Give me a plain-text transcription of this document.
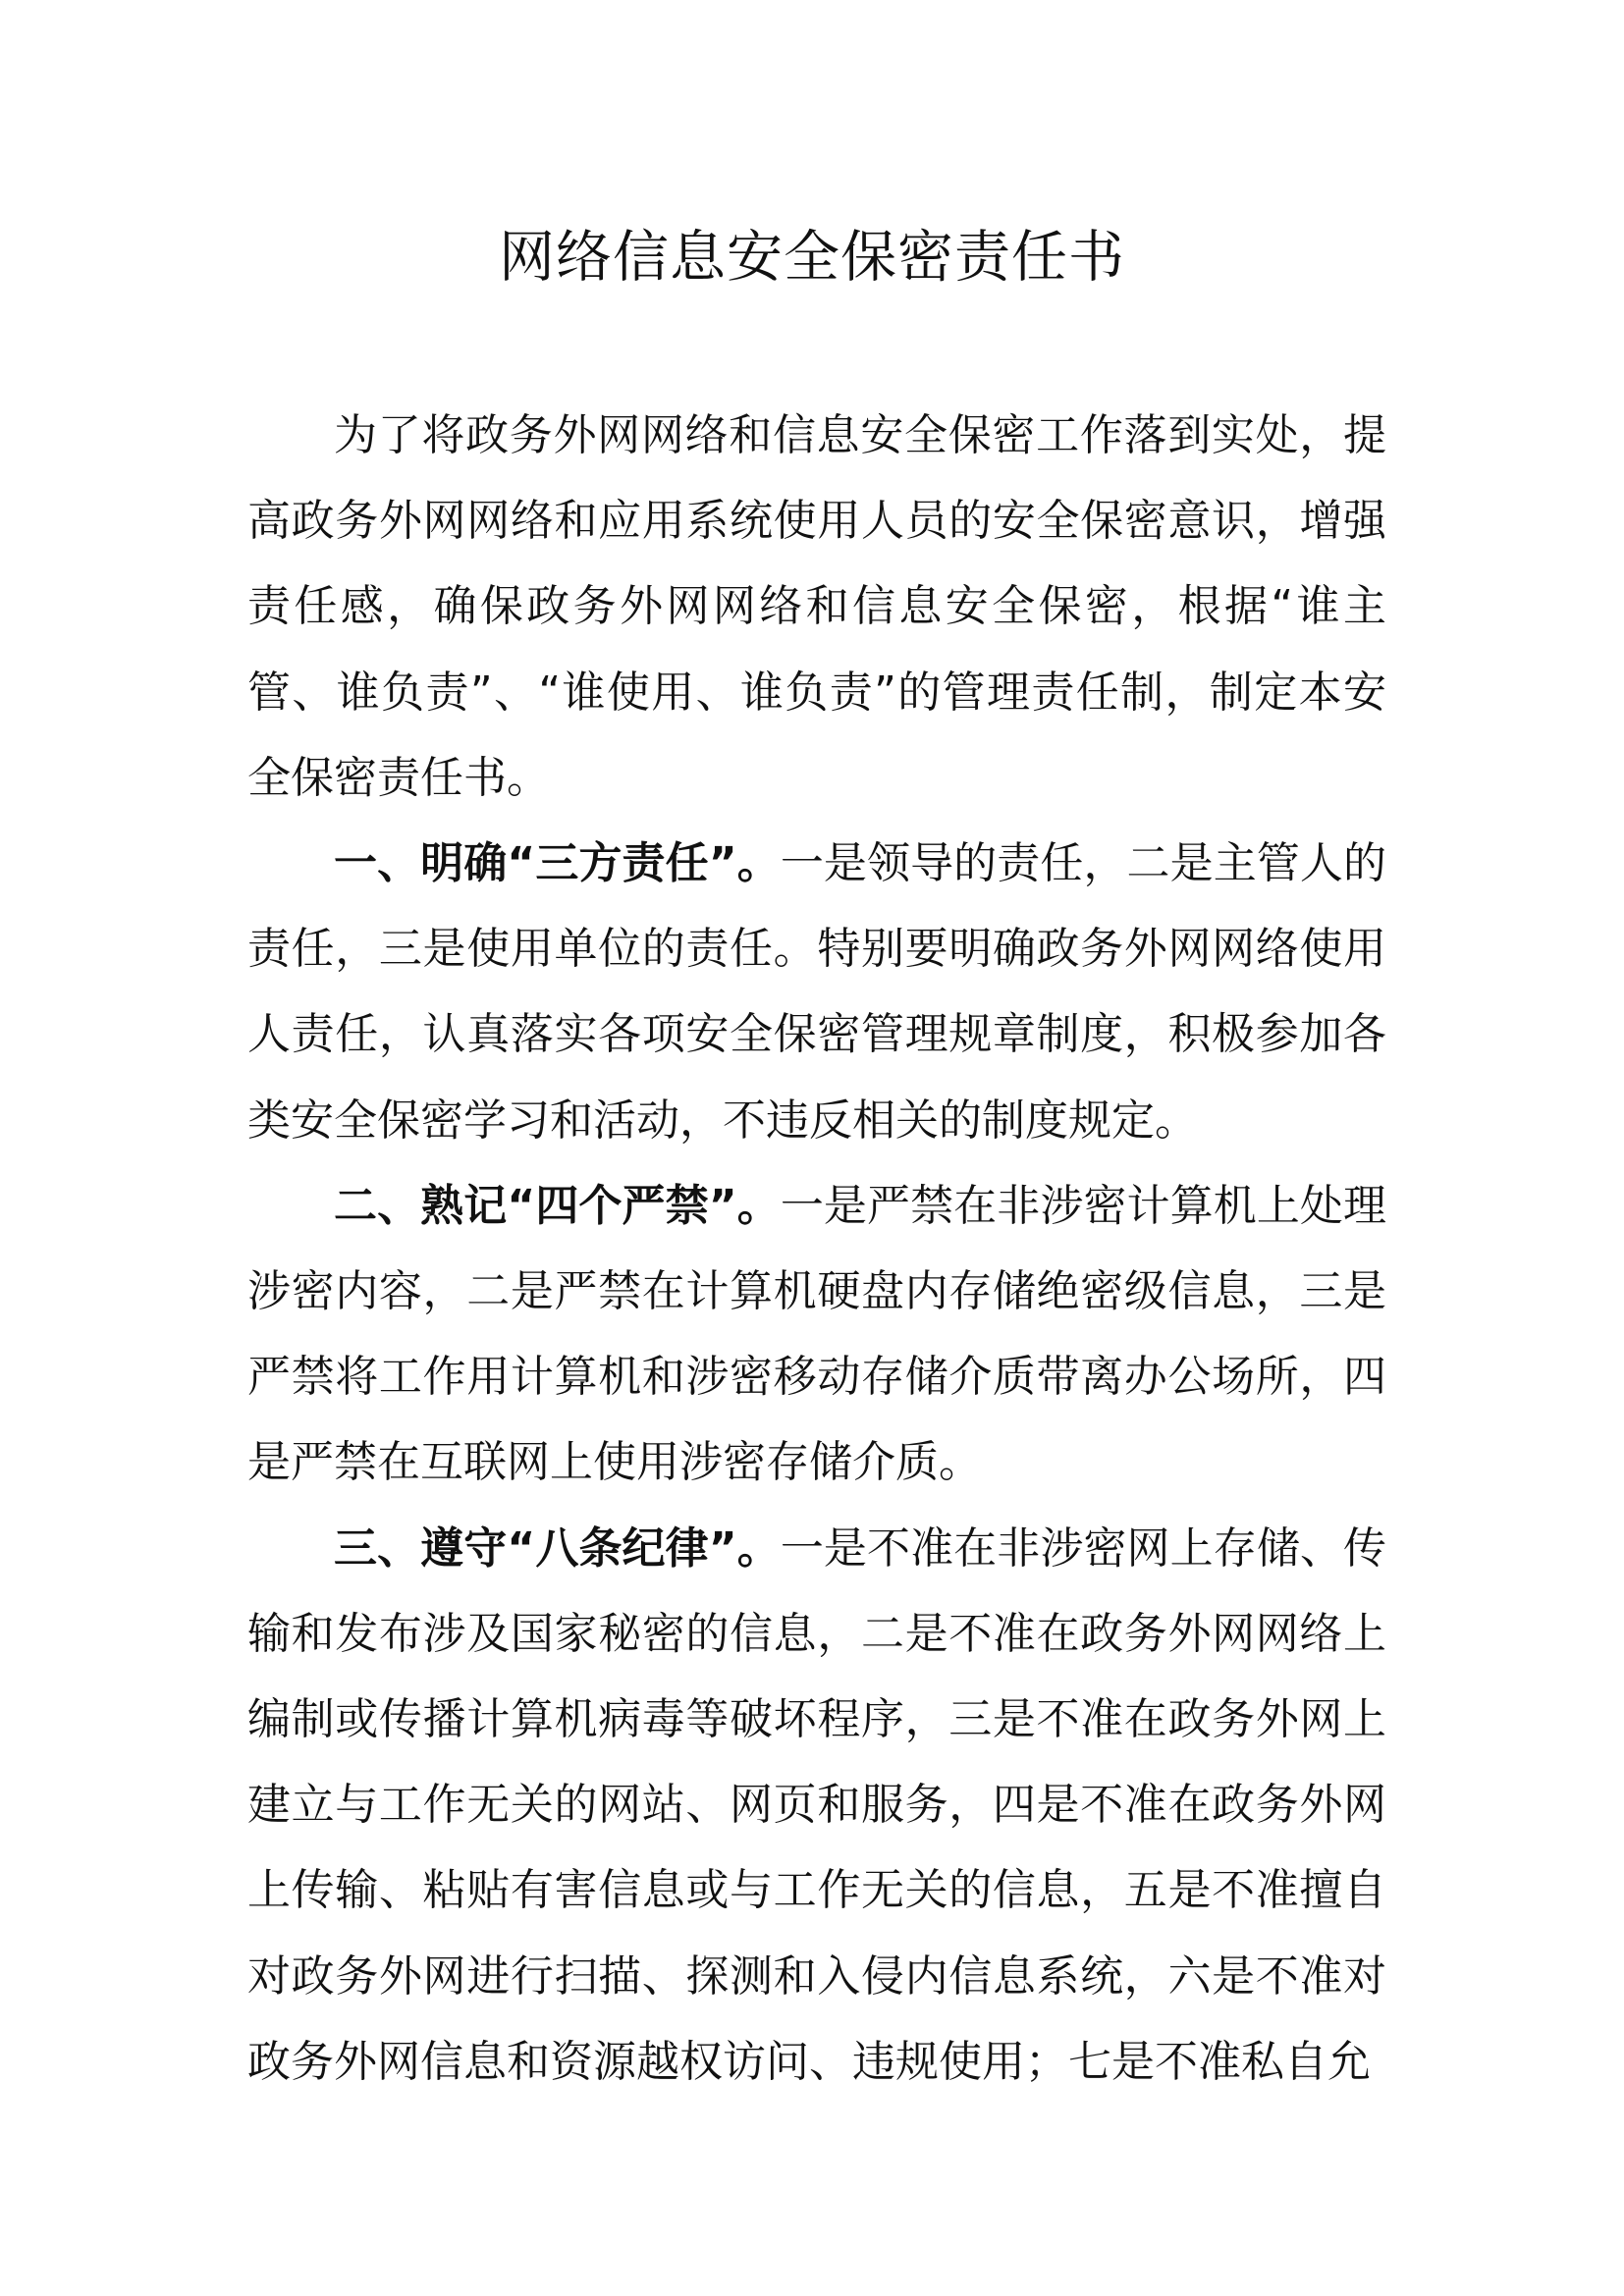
网络信息安全保密责任书

为了将政务外网网络和信息安全保密工作落到实处，提高政务外网网络和应用系统使用人员的安全保密意识，增强责任感，确保政务外网网络和信息安全保密，根据“谁主管、谁负责”、“谁使用、谁负责”的管理责任制，制定本安全保密责任书。

一、明确“三方责任”。一是领导的责任，二是主管人的责任，三是使用单位的责任。特别要明确政务外网网络使用人责任，认真落实各项安全保密管理规章制度，积极参加各类安全保密学习和活动，不违反相关的制度规定。

二、熟记“四个严禁”。一是严禁在非涉密计算机上处理涉密内容，二是严禁在计算机硬盘内存储绝密级信息，三是严禁将工作用计算机和涉密移动存储介质带离办公场所，四是严禁在互联网上使用涉密存储介质。

三、遵守“八条纪律”。一是不准在非涉密网上存储、传输和发布涉及国家秘密的信息，二是不准在政务外网网络上编制或传播计算机病毒等破坏程序，三是不准在政务外网上建立与工作无关的网站、网页和服务，四是不准在政务外网上传输、粘贴有害信息或与工作无关的信息，五是不准擅自对政务外网进行扫描、探测和入侵内信息系统，六是不准对政务外网信息和资源越权访问、违规使用；七是不准私自允
